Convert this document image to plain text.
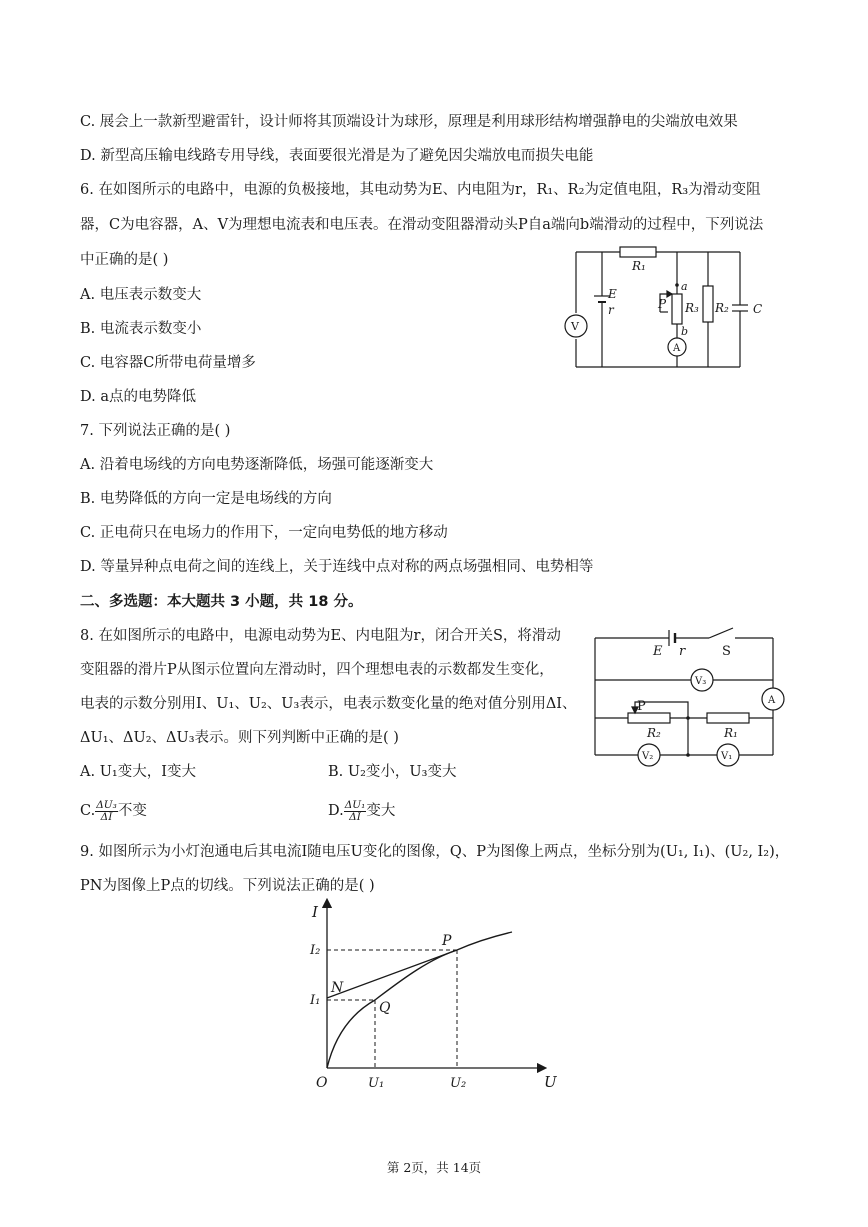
C. 展会上一款新型避雷针，设计师将其顶端设计为球形，原理是利用球形结构增强静电的尖端放电效果
D. 新型高压输电线路专用导线，表面要很光滑是为了避免因尖端放电而损失电能
6. 在如图所示的电路中，电源的负极接地，其电动势为E、内电阻为r，R₁、R₂为定值电阻，R₃为滑动变阻
器，C为电容器，A、V为理想电流表和电压表。在滑动变阻器滑动头P自a端向b端滑动的过程中，下列说法
中正确的是( )
A. 电压表示数变大
B. 电流表示数变小
C. 电容器C所带电荷量增多
D. a点的电势降低
R₁
E
r
V
a
P R₃
b
A
R₂ C
7. 下列说法正确的是( )
A. 沿着电场线的方向电势逐渐降低，场强可能逐渐变大
B. 电势降低的方向一定是电场线的方向
C. 正电荷只在电场力的作用下，一定向电势低的地方移动
D. 等量异种点电荷之间的连线上，关于连线中点对称的两点场强相同、电势相等
二、多选题：本大题共 3 小题，共 18 分。
8. 在如图所示的电路中，电源电动势为E、内电阻为r，闭合开关S，将滑动
变阻器的滑片P从图示位置向左滑动时，四个理想电表的示数都发生变化，
电表的示数分别用I、U₁、U₂、U₃表示，电表示数变化量的绝对值分别用ΔI、
ΔU₁、ΔU₂、ΔU₃表示。则下列判断中正确的是( )
A. U₁变大，I变大	B. U₂变小，U₃变大
C. $\frac{\text{ΔU₃}}{\Delta I}$ 不变	D. $\frac{\text{ΔU₁}}{\Delta I}$ 变大
E r	S
V₃
A
P
R₂	R₁
V₂	V₁
9. 如图所示为小灯泡通电后其电流I随电压U变化的图像，Q、P为图像上两点，坐标分别为(U₁, I₁)、(U₂, I₂)，
PN为图像上P点的切线。下列说法正确的是( )
I
U
O
I₂
I₁
U₁	U₂
P
Q
N
第 2页，共 14页
